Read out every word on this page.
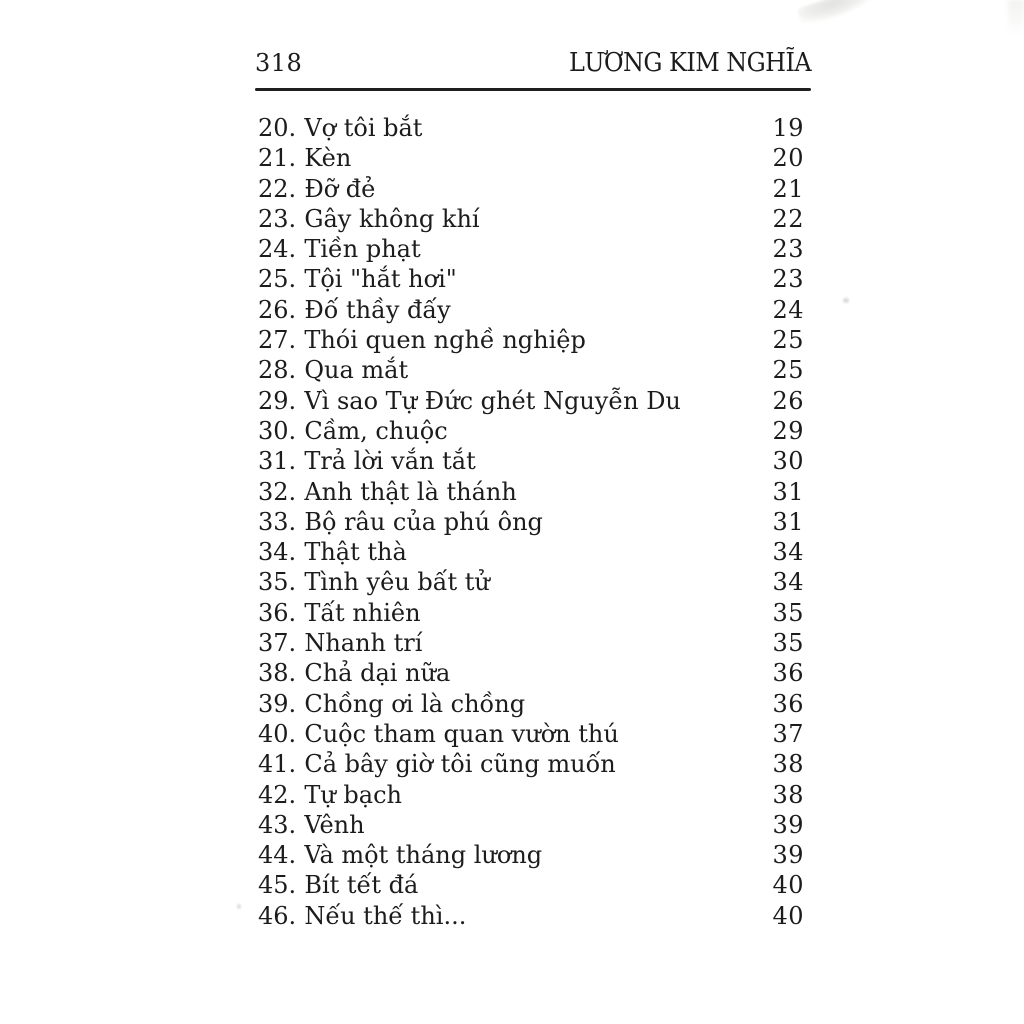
318	LƯƠNG KIM NGHĨA
20. Vợ tôi bắt	19
21. Kèn	20
22. Đỡ đẻ	21
23. Gây không khí	22
24. Tiền phạt	23
25. Tội "hắt hơi"	23
26. Đố thầy đấy	24
27. Thói quen nghề nghiệp	25
28. Qua mắt	25
29. Vì sao Tự Đức ghét Nguyễn Du	26
30. Cầm, chuộc	29
31. Trả lời vắn tắt	30
32. Anh thật là thánh	31
33. Bộ râu của phú ông	31
34. Thật thà	34
35. Tình yêu bất tử	34
36. Tất nhiên	35
37. Nhanh trí	35
38. Chả dại nữa	36
39. Chồng ơi là chồng	36
40. Cuộc tham quan vườn thú	37
41. Cả bây giờ tôi cũng muốn	38
42. Tự bạch	38
43. Vênh	39
44. Và một tháng lương	39
45. Bít tết đá	40
46. Nếu thế thì...	40
